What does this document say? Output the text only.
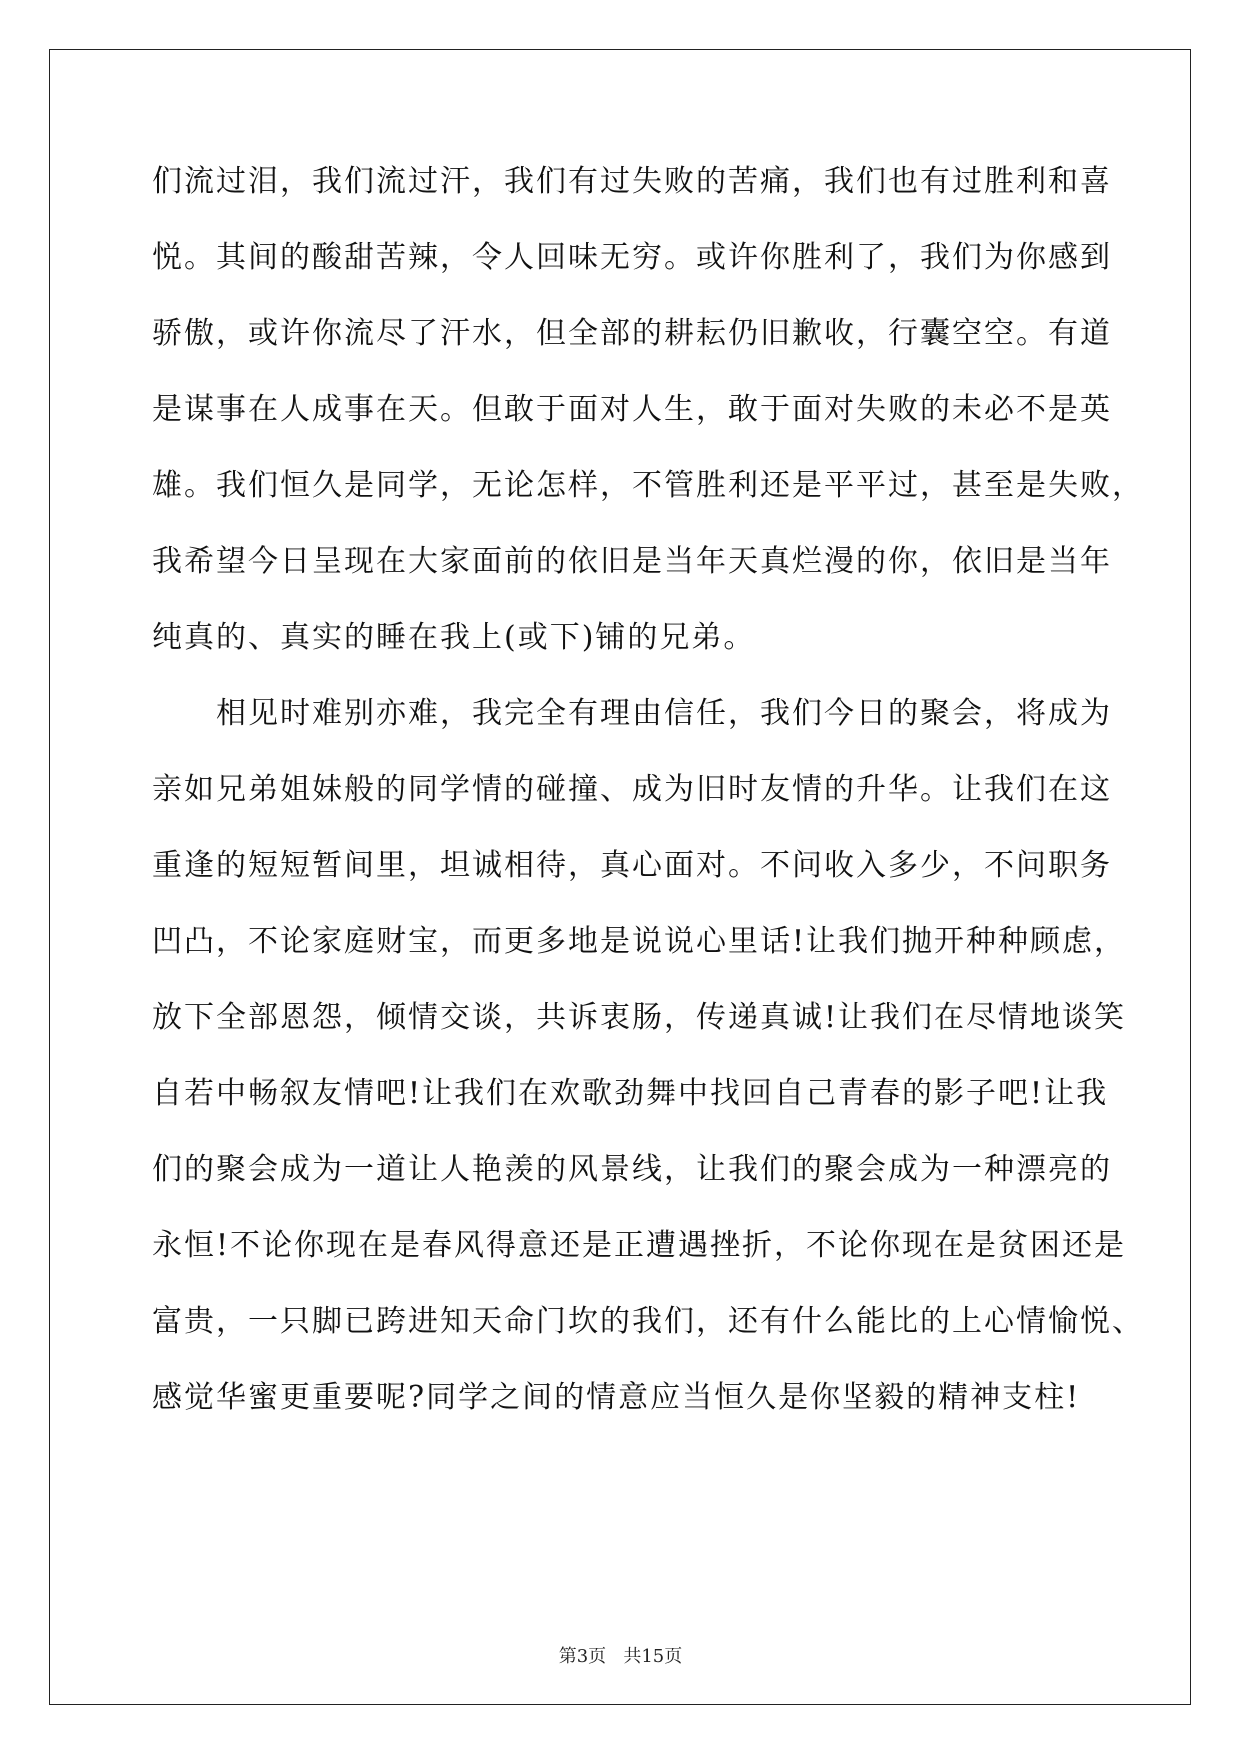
们流过泪，我们流过汗，我们有过失败的苦痛，我们也有过胜利和喜
悦。其间的酸甜苦辣，令人回味无穷。或许你胜利了，我们为你感到
骄傲，或许你流尽了汗水，但全部的耕耘仍旧歉收，行囊空空。有道
是谋事在人成事在天。但敢于面对人生，敢于面对失败的未必不是英
雄。我们恒久是同学，无论怎样，不管胜利还是平平过，甚至是失败，
我希望今日呈现在大家面前的依旧是当年天真烂漫的你，依旧是当年
纯真的、真实的睡在我上(或下)铺的兄弟。
相见时难别亦难，我完全有理由信任，我们今日的聚会，将成为
亲如兄弟姐妹般的同学情的碰撞、成为旧时友情的升华。让我们在这
重逢的短短暂间里，坦诚相待，真心面对。不问收入多少，不问职务
凹凸，不论家庭财宝，而更多地是说说心里话!让我们抛开种种顾虑，
放下全部恩怨，倾情交谈，共诉衷肠，传递真诚!让我们在尽情地谈笑
自若中畅叙友情吧!让我们在欢歌劲舞中找回自己青春的影子吧!让我
们的聚会成为一道让人艳羡的风景线，让我们的聚会成为一种漂亮的
永恒!不论你现在是春风得意还是正遭遇挫折，不论你现在是贫困还是
富贵，一只脚已跨进知天命门坎的我们，还有什么能比的上心情愉悦、
感觉华蜜更重要呢?同学之间的情意应当恒久是你坚毅的精神支柱!
第3页   共15页
